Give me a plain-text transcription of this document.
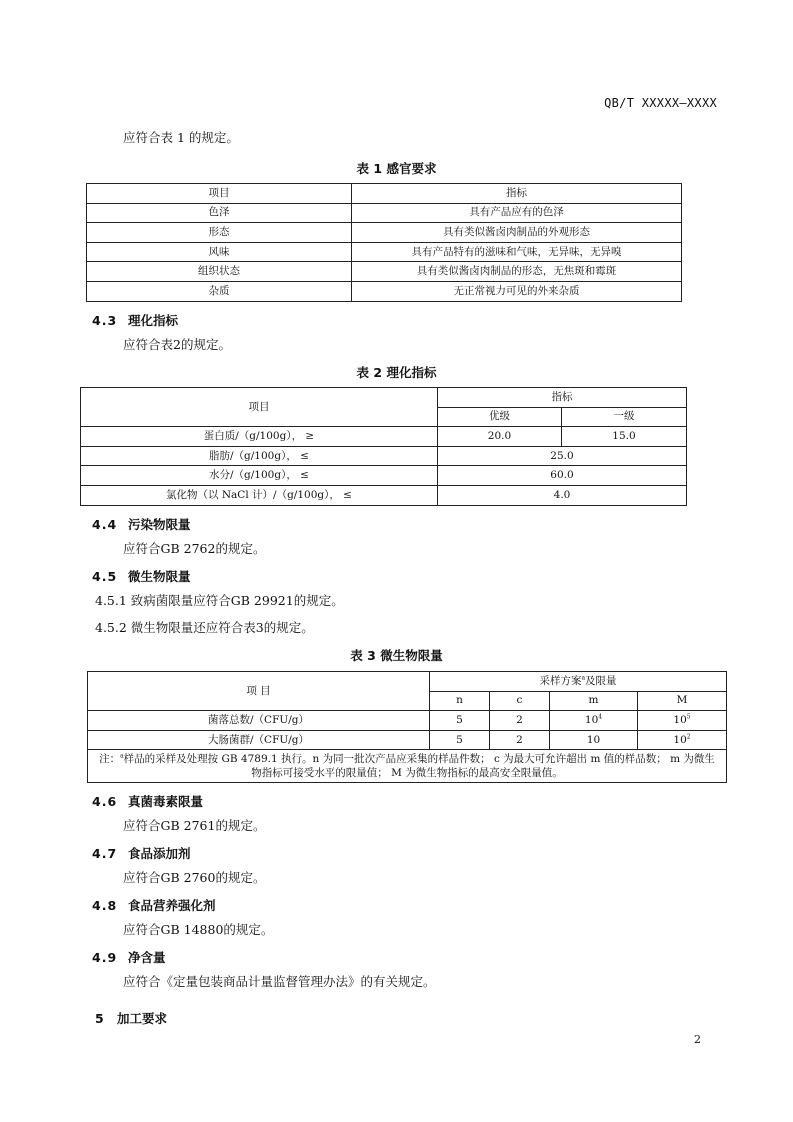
QB/T XXXXX—XXXX
应符合表 1 的规定。
表 1 感官要求
项目	指标
色泽	具有产品应有的色泽
形态	具有类似酱卤肉制品的外观形态
风味	具有产品特有的滋味和气味，无异味，无异嗅
组织状态	具有类似酱卤肉制品的形态，无焦斑和霉斑
杂质	无正常视力可见的外来杂质
4.3 理化指标
应符合表2的规定。
表 2 理化指标
项目	指标	
	优级	一级
蛋白质/（g/100g）， ≥	20.0	15.0
脂肪/（g/100g）， ≤	25.0	
水分/（g/100g）， ≤	60.0	
氯化物（以 NaCl 计）/（g/100g）， ≤	4.0	
4.4 污染物限量
应符合GB 2762的规定。
4.5 微生物限量
4.5.1 致病菌限量应符合GB 29921的规定。
4.5.2 微生物限量还应符合表3的规定。
表 3 微生物限量
项 目	采样方案$^a$及限量			
	n	c	m	M
菌落总数/（CFU/g）	5	2	$10^4$	$10^5$
大肠菌群/（CFU/g）	5	2	10	$10^2$
注：$^a$样品的采样及处理按 GB 4789.1 执行。n 为同一批次产品应采集的样品件数； c 为最大可允许超出 m 值的样品数； m 为微生物指标可接受水平的限量值； M 为微生物指标的最高安全限量值。				
4.6 真菌毒素限量
应符合GB 2761的规定。
4.7 食品添加剂
应符合GB 2760的规定。
4.8 食品营养强化剂
应符合GB 14880的规定。
4.9 净含量
应符合《定量包装商品计量监督管理办法》的有关规定。
5 加工要求
2
